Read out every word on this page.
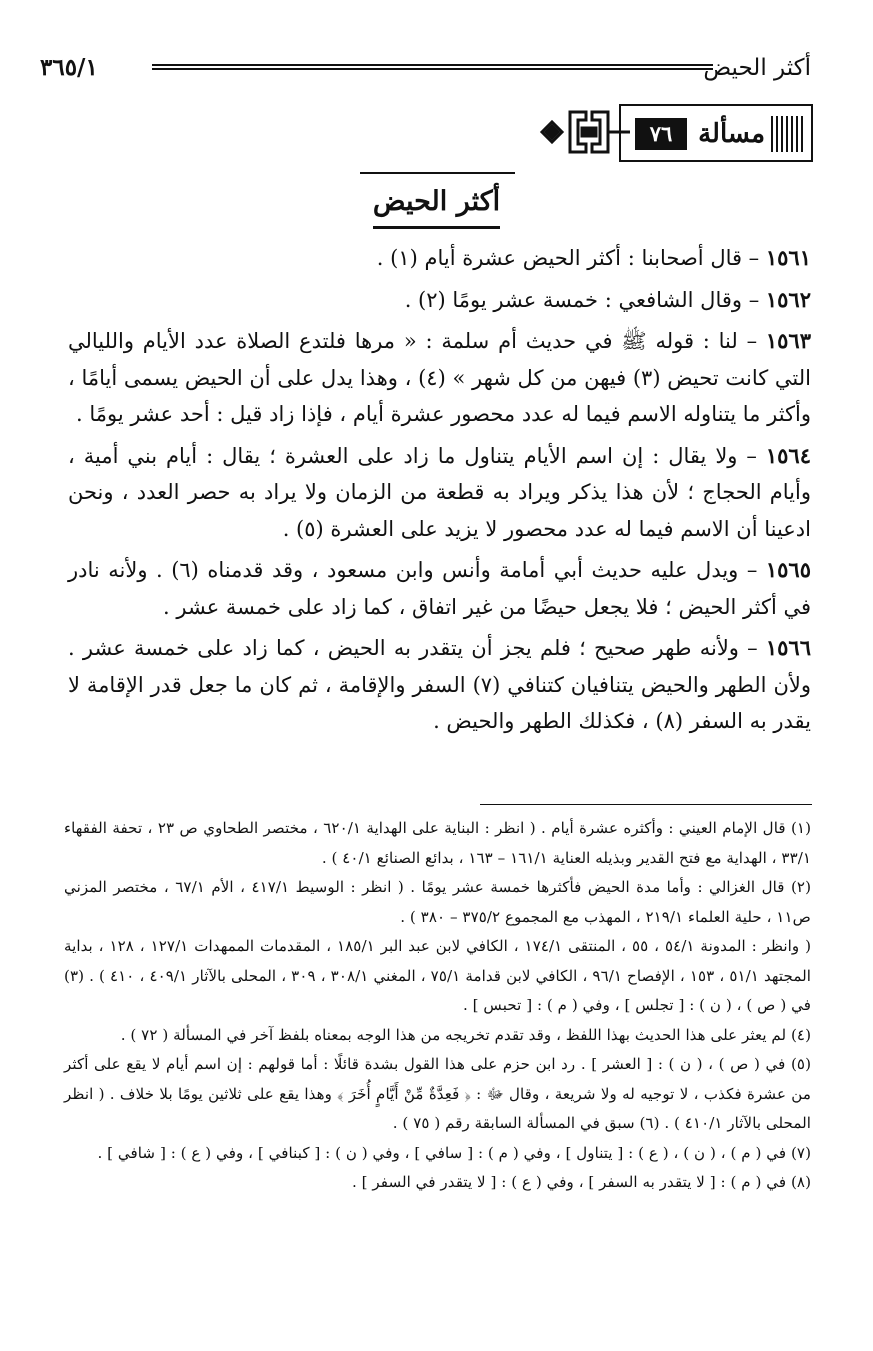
أكثر الحيض
٣٦٥/١
مسألة
٧٦
أكثر الحيض

١٥٦١ – قال أصحابنا : أكثر الحيض عشرة أيام (١) .

١٥٦٢ – وقال الشافعي : خمسة عشر يومًا (٢) .

١٥٦٣ – لنا : قوله ﷺ في حديث أم سلمة : « مرها فلتدع الصلاة عدد الأيام والليالي التي كانت تحيض (٣) فيهن من كل شهر » (٤) ، وهذا يدل على أن الحيض يسمى أيامًا ، وأكثر ما يتناوله الاسم فيما له عدد محصور عشرة أيام ، فإذا زاد قيل : أحد عشر يومًا .

١٥٦٤ – ولا يقال : إن اسم الأيام يتناول ما زاد على العشرة ؛ يقال : أيام بني أمية ، وأيام الحجاج ؛ لأن هذا يذكر ويراد به قطعة من الزمان ولا يراد به حصر العدد ، ونحن ادعينا أن الاسم فيما له عدد محصور لا يزيد على العشرة (٥) .

١٥٦٥ – ويدل عليه حديث أبي أمامة وأنس وابن مسعود ، وقد قدمناه (٦) . ولأنه نادر في أكثر الحيض ؛ فلا يجعل حيضًا من غير اتفاق ، كما زاد على خمسة عشر .

١٥٦٦ – ولأنه طهر صحيح ؛ فلم يجز أن يتقدر به الحيض ، كما زاد على خمسة عشر . ولأن الطهر والحيض يتنافيان كتنافي (٧) السفر والإقامة ، ثم كان ما جعل قدر الإقامة لا يقدر به السفر (٨) ، فكذلك الطهر والحيض .

(١) قال الإمام العيني : وأكثره عشرة أيام . ( انظر : البناية على الهداية ٦٢٠/١ ، مختصر الطحاوي ص ٢٣ ، تحفة الفقهاء ٣٣/١ ، الهداية مع فتح القدير وبذيله العناية ١٦١/١ – ١٦٣ ، بدائع الصنائع ٤٠/١ ) .

(٢) قال الغزالي : وأما مدة الحيض فأكثرها خمسة عشر يومًا . ( انظر : الوسيط ٤١٧/١ ، الأم ٦٧/١ ، مختصر المزني ص١١ ، حلية العلماء ٢١٩/١ ، المهذب مع المجموع ٣٧٥/٢ – ٣٨٠ ) .

( وانظر : المدونة ٥٤/١ ، ٥٥ ، المنتقى ١٧٤/١ ، الكافي لابن عبد البر ١٨٥/١ ، المقدمات الممهدات ١٢٧/١ ، ١٢٨ ، بداية المجتهد ٥١/١ ، ١٥٣ ، الإفصاح ٩٦/١ ، الكافي لابن قدامة ٧٥/١ ، المغني ٣٠٨/١ ، ٣٠٩ ، المحلى بالآثار ٤٠٩/١ ، ٤١٠ ) . (٣) في ( ص ) ، ( ن ) : [ تجلس ] ، وفي ( م ) : [ تحبس ] .

(٤) لم يعثر على هذا الحديث بهذا اللفظ ، وقد تقدم تخريجه من هذا الوجه بمعناه بلفظ آخر في المسألة ( ٧٢ ) .

(٥) في ( ص ) ، ( ن ) : [ العشر ] . رد ابن حزم على هذا القول بشدة قائلًا : أما قولهم : إن اسم أيام لا يقع على أكثر من عشرة فكذب ، لا توجيه له ولا شريعة ، وقال ﷻ : ﴿ فَعِدَّةٌ مِّنْ أَيَّامٍ أُخَرَ ﴾ وهذا يقع على ثلاثين يومًا بلا خلاف . ( انظر المحلى بالآثار ٤١٠/١ ) . (٦) سبق في المسألة السابقة رقم ( ٧٥ ) .

(٧) في ( م ) ، ( ن ) ، ( ع ) : [ يتناول ] ، وفي ( م ) : [ سافي ] ، وفي ( ن ) : [ كبنافي ] ، وفي ( ع ) : [ شافي ] .

(٨) في ( م ) : [ لا يتقدر به السفر ] ، وفي ( ع ) : [ لا يتقدر في السفر ] .
